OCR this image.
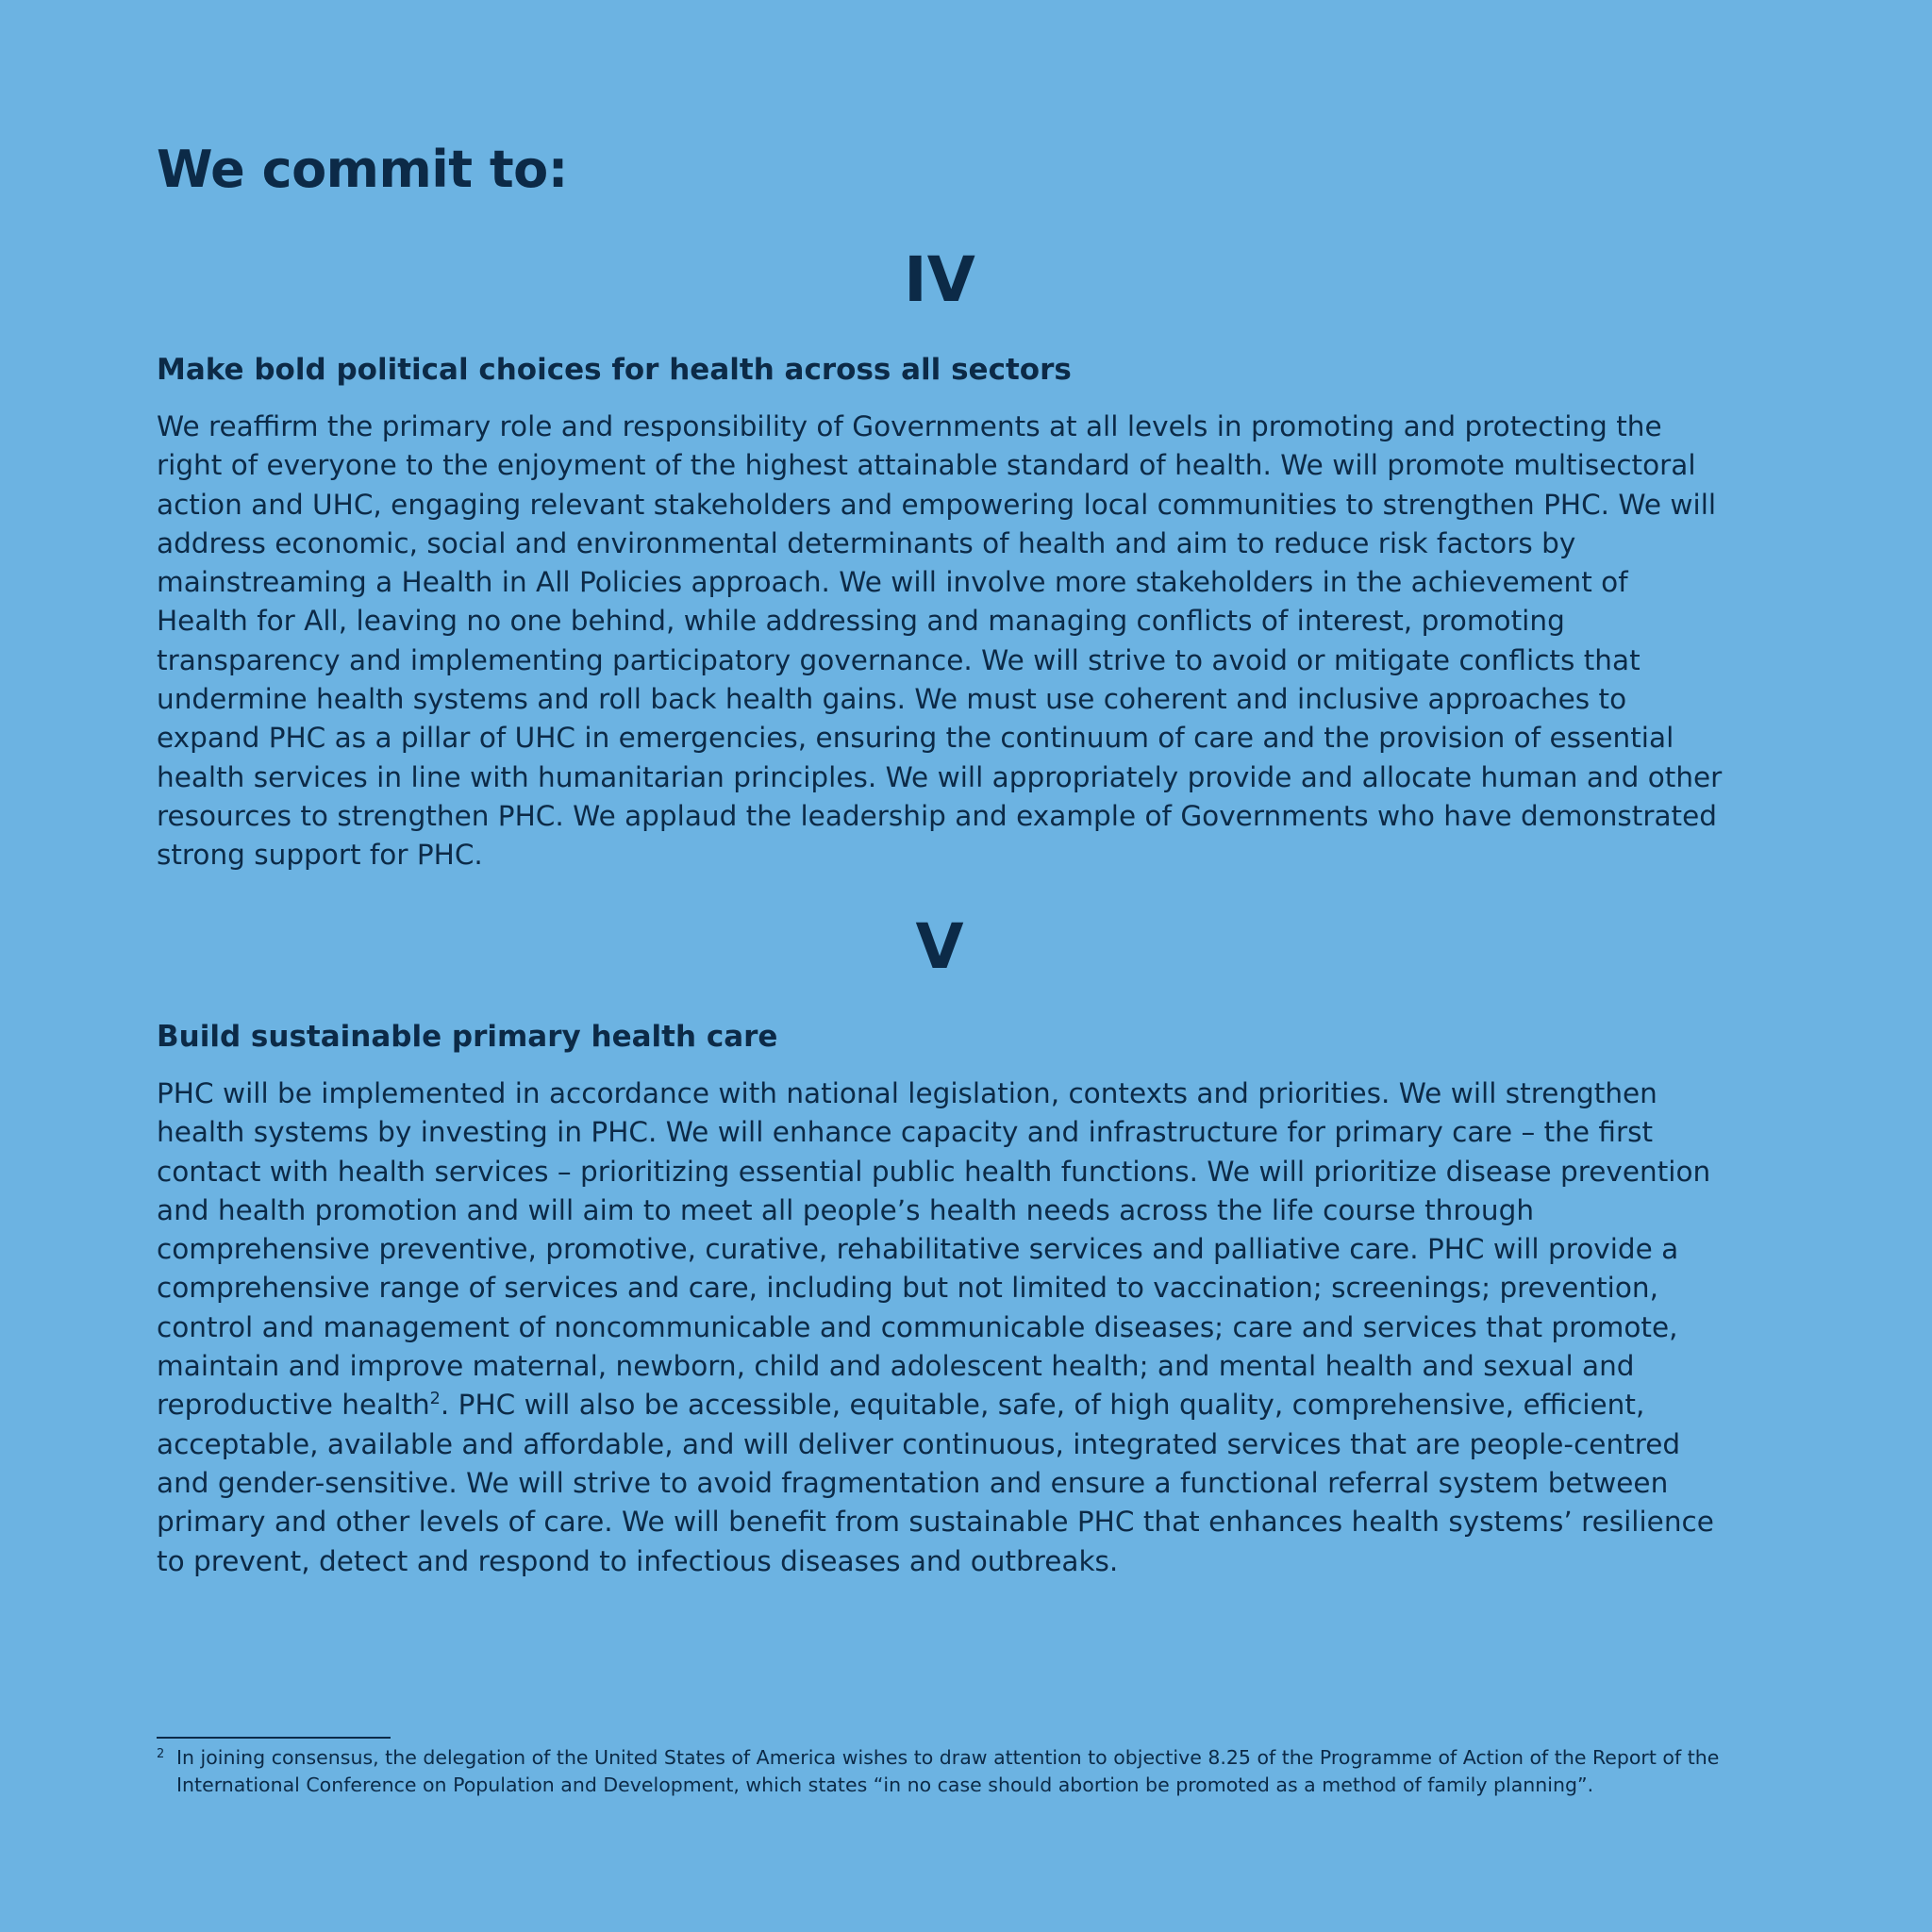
We commit to:
IV
Make bold political choices for health across all sectors

We reaffirm the primary role and responsibility of Governments at all levels in promoting and protecting the right of everyone to the enjoyment of the highest attainable standard of health. We will promote multisectoral action and UHC, engaging relevant stakeholders and empowering local communities to strengthen PHC. We will address economic, social and environmental determinants of health and aim to reduce risk factors by mainstreaming a Health in All Policies approach. We will involve more stakeholders in the achievement of Health for All, leaving no one behind, while addressing and managing conflicts of interest, promoting transparency and implementing participatory governance. We will strive to avoid or mitigate conflicts that undermine health systems and roll back health gains. We must use coherent and inclusive approaches to expand PHC as a pillar of UHC in emergencies, ensuring the continuum of care and the provision of essential health services in line with humanitarian principles. We will appropriately provide and allocate human and other resources to strengthen PHC. We applaud the leadership and example of Governments who have demonstrated strong support for PHC.

V
Build sustainable primary health care

PHC will be implemented in accordance with national legislation, contexts and priorities. We will strengthen health systems by investing in PHC. We will enhance capacity and infrastructure for primary care – the first contact with health services – prioritizing essential public health functions. We will prioritize disease prevention and health promotion and will aim to meet all people’s health needs across the life course through comprehensive preventive, promotive, curative, rehabilitative services and palliative care. PHC will provide a comprehensive range of services and care, including but not limited to vaccination; screenings; prevention, control and management of noncommunicable and communicable diseases; care and services that promote, maintain and improve maternal, newborn, child and adolescent health; and mental health and sexual and reproductive health$^2$. PHC will also be accessible, equitable, safe, of high quality, comprehensive, efficient, acceptable, available and affordable, and will deliver continuous, integrated services that are people-centred and gender-sensitive. We will strive to avoid fragmentation and ensure a functional referral system between primary and other levels of care. We will benefit from sustainable PHC that enhances health systems’ resilience to prevent, detect and respond to infectious diseases and outbreaks.

2 In joining consensus, the delegation of the United States of America wishes to draw attention to objective 8.25 of the Programme of Action of the Report of the International Conference on Population and Development, which states “in no case should abortion be promoted as a method of family planning”.
